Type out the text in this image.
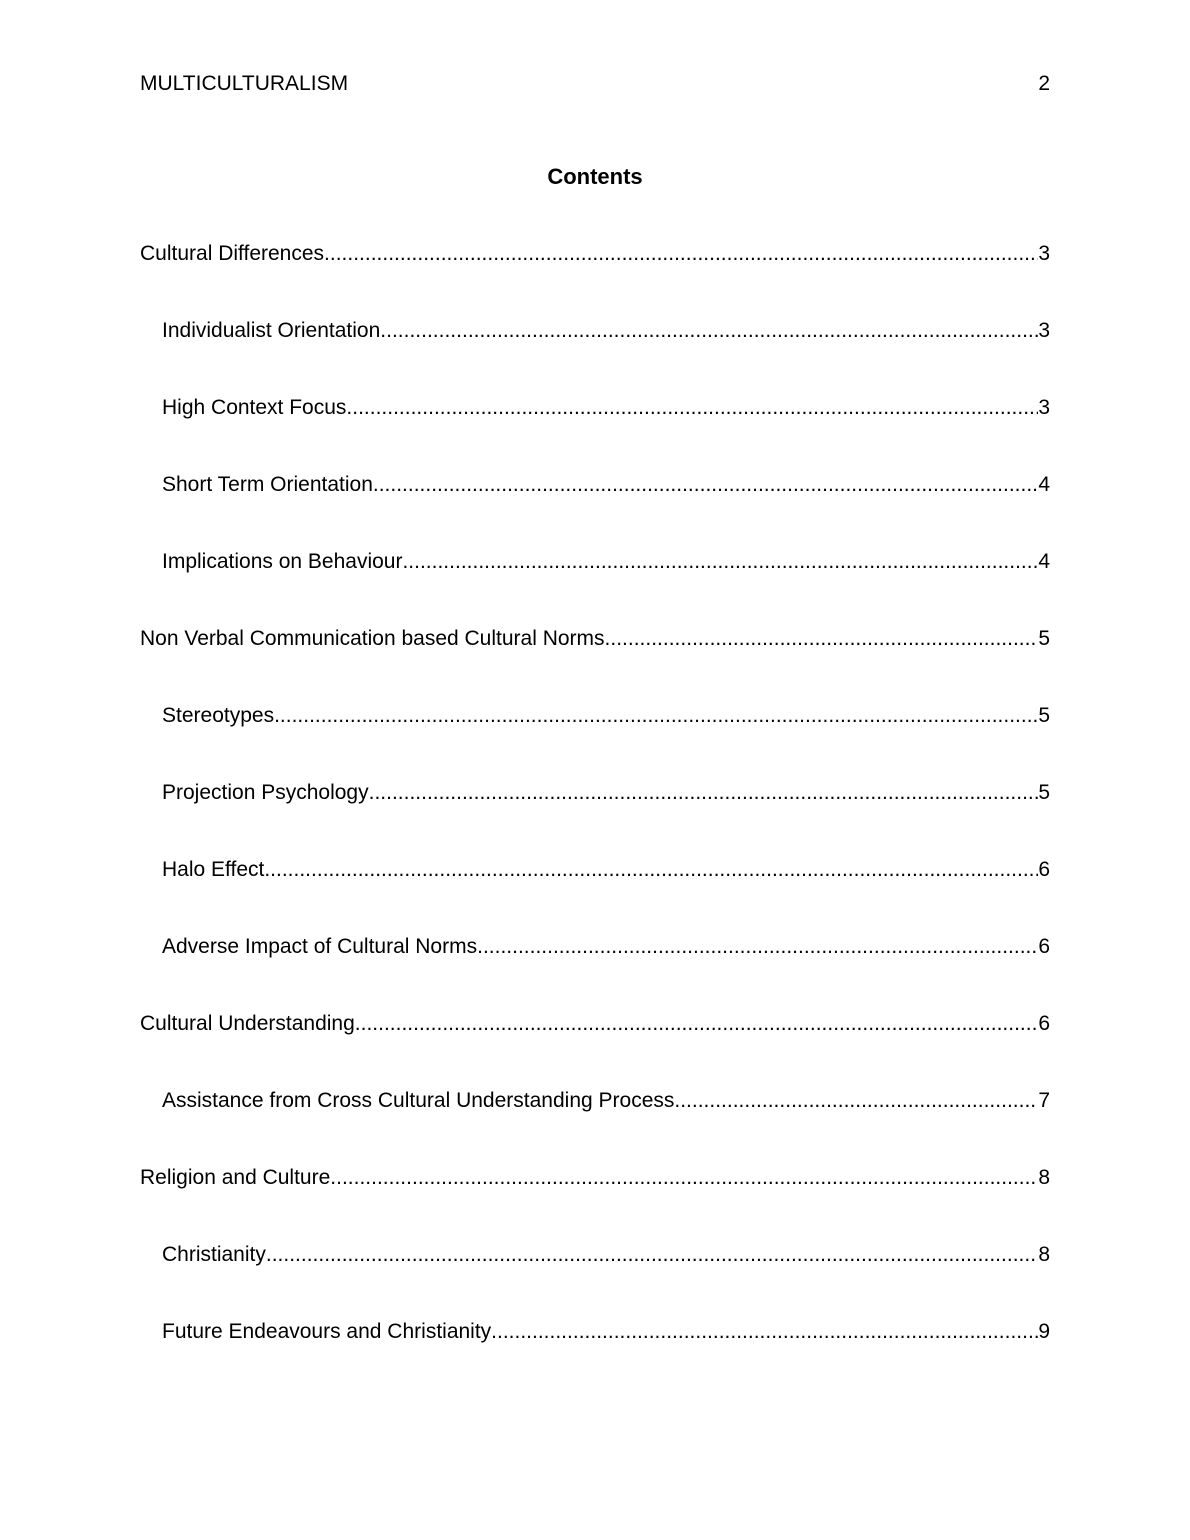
MULTICULTURALISM	2
Contents
Cultural Differences .....	3
Individualist Orientation .....	3
High Context Focus .....	3
Short Term Orientation .....	4
Implications on Behaviour .....	4
Non Verbal Communication based Cultural Norms .....	5
Stereotypes .....	5
Projection Psychology .....	5
Halo Effect .....	6
Adverse Impact of Cultural Norms .....	6
Cultural Understanding .....	6
Assistance from Cross Cultural Understanding Process .....	7
Religion and Culture .....	8
Christianity .....	8
Future Endeavours and Christianity .....	9
